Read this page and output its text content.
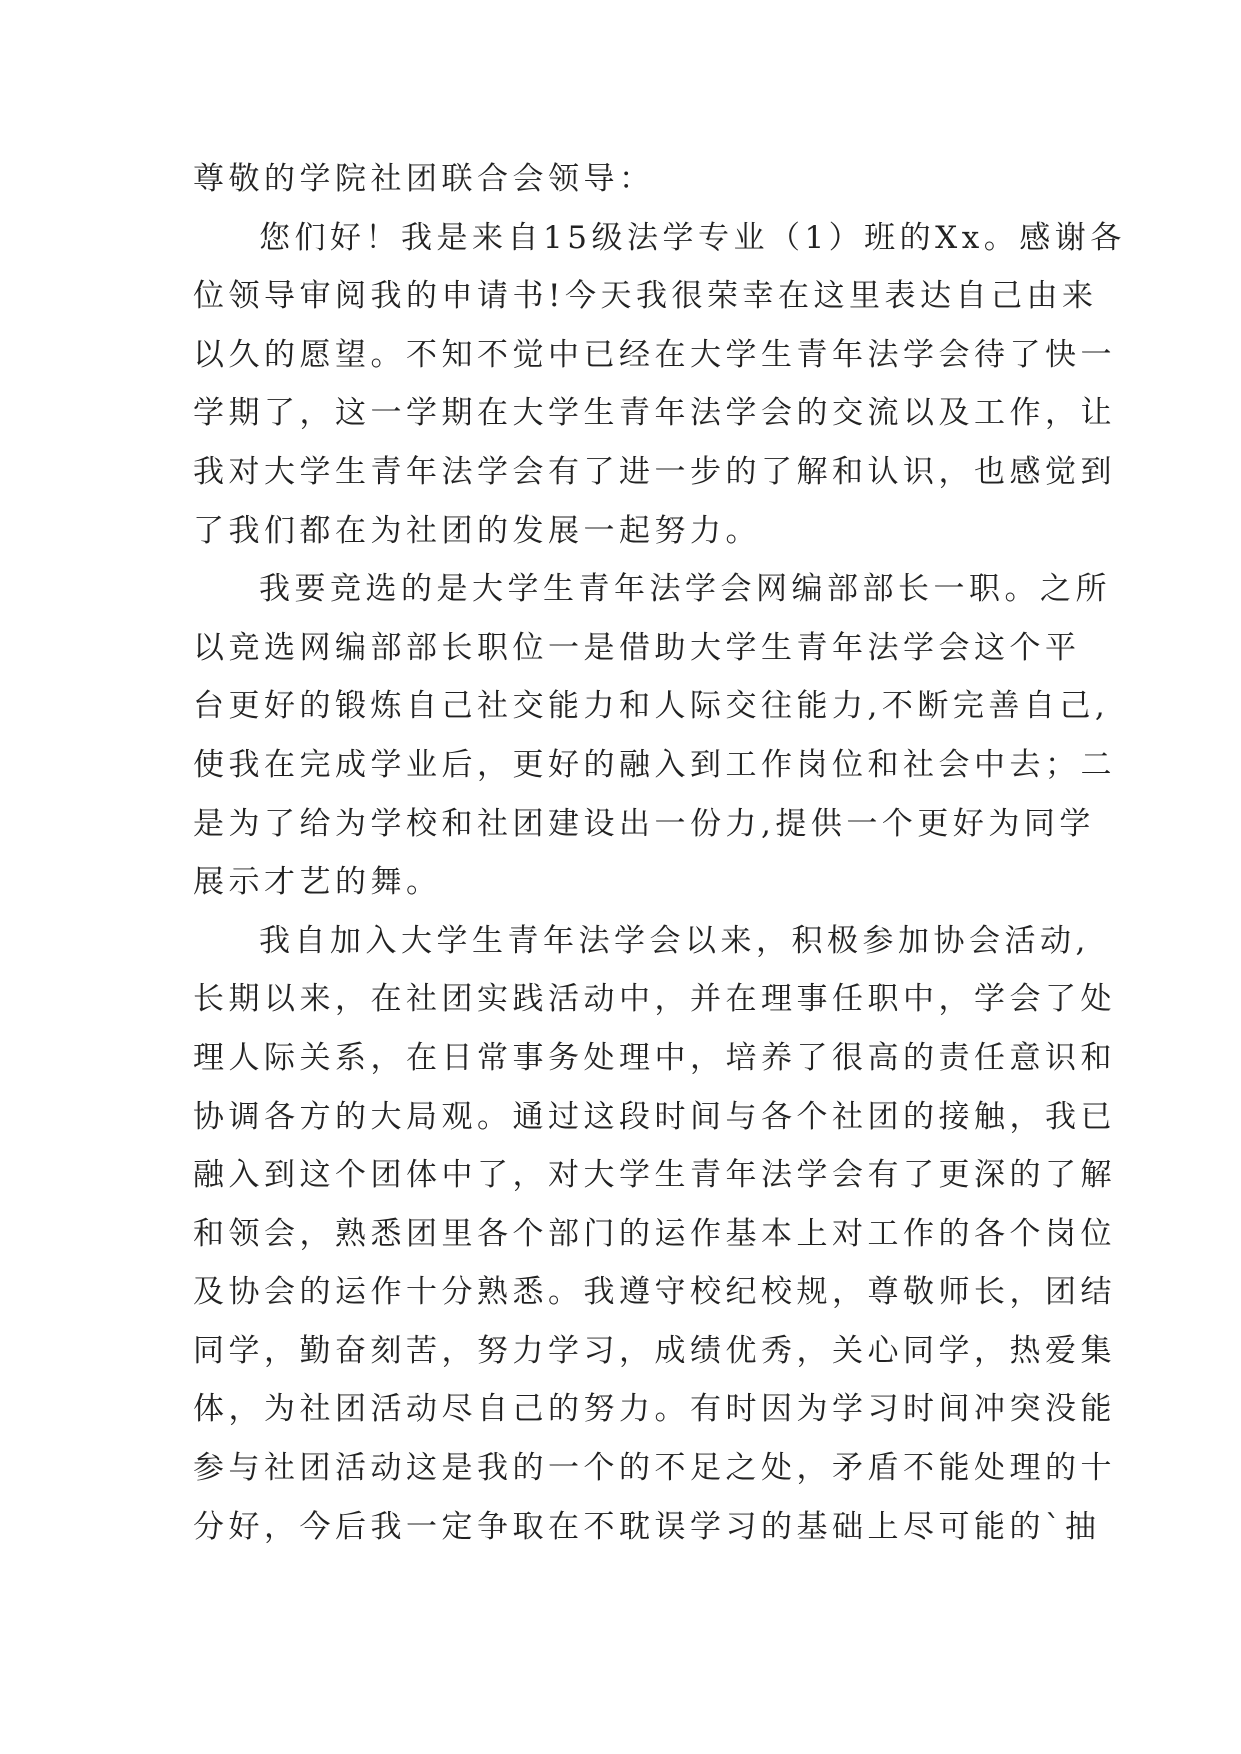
尊敬的学院社团联合会领导：

您们好！我是来自15级法学专业（1）班的Xx。感谢各
位领导审阅我的申请书!今天我很荣幸在这里表达自己由来
以久的愿望。不知不觉中已经在大学生青年法学会待了快一
学期了，这一学期在大学生青年法学会的交流以及工作，让
我对大学生青年法学会有了进一步的了解和认识，也感觉到
了我们都在为社团的发展一起努力。

我要竞选的是大学生青年法学会网编部部长一职。之所
以竞选网编部部长职位一是借助大学生青年法学会这个平
台更好的锻炼自己社交能力和人际交往能力,不断完善自己,
使我在完成学业后，更好的融入到工作岗位和社会中去；二
是为了给为学校和社团建设出一份力,提供一个更好为同学
展示才艺的舞。

我自加入大学生青年法学会以来，积极参加协会活动,
长期以来，在社团实践活动中，并在理事任职中，学会了处
理人际关系，在日常事务处理中，培养了很高的责任意识和
协调各方的大局观。通过这段时间与各个社团的接触，我已
融入到这个团体中了，对大学生青年法学会有了更深的了解
和领会，熟悉团里各个部门的运作基本上对工作的各个岗位
及协会的运作十分熟悉。我遵守校纪校规，尊敬师长，团结
同学，勤奋刻苦，努力学习，成绩优秀，关心同学，热爱集
体，为社团活动尽自己的努力。有时因为学习时间冲突没能
参与社团活动这是我的一个的不足之处，矛盾不能处理的十
分好，今后我一定争取在不耽误学习的基础上尽可能的`抽
